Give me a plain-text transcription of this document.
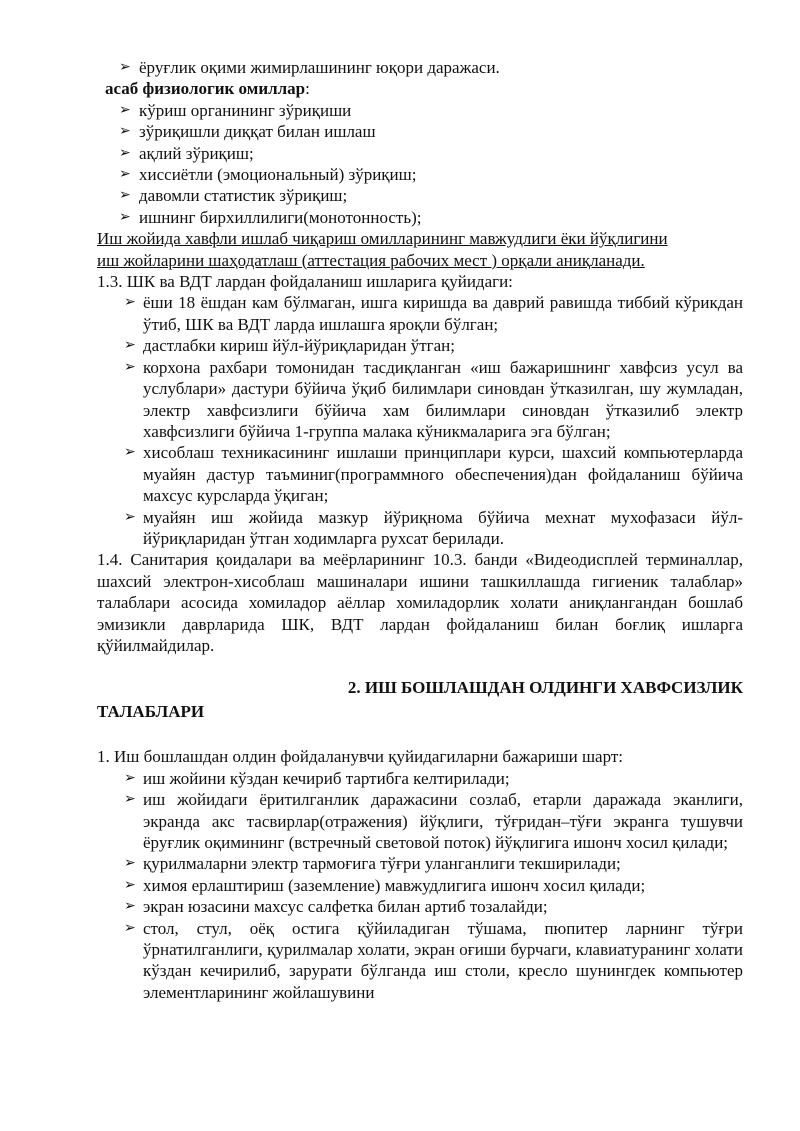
➢ ёруғлик оқими жимирлашининг юқори даражаси.
асаб физиологик омиллар:
➢ кўриш органининг зўриқиши
➢ зўриқишли диққат билан ишлаш
➢ ақлий зўриқиш;
➢ хиссиётли (эмоциональный) зўриқиш;
➢ давомли статистик зўриқиш;
➢ ишнинг бирхиллилиги(монотонность);
Иш жойида хавфли ишлаб чиқариш омилларининг мавжудлиги ёки йўқлигини
иш жойларини шаҳодатлаш (аттестация рабочих мест ) орқали аниқланади.
1.3. ШК ва ВДТ лардан фойдаланиш ишларига қуйидаги:
➢ ёши 18 ёшдан кам бўлмаган, ишга киришда ва даврий равишда тиббий кўрикдан ўтиб, ШК ва ВДТ ларда ишлашга яроқли бўлган;
➢ дастлабки кириш йўл-йўриқларидан ўтган;
➢ корхона рахбари томонидан тасдиқланган «иш бажаришнинг хавфсиз усул ва услублари» дастури бўйича ўқиб билимлари синовдан ўтказилган, шу жумладан, электр хавфсизлиги бўйича хам билимлари синовдан ўтказилиб электр хавфсизлиги бўйича 1-группа малака кўникмаларига эга бўлган;
➢ хисоблаш техникасининг ишлаши принциплари курси, шахсий компьютерларда муайян дастур таъминиг(программного обеспечения)дан фойдаланиш бўйича махсус курсларда ўқиган;
➢ муайян иш жойида мазкур йўриқнома бўйича мехнат мухофазаси йўл-йўриқларидан ўтган ходимларга рухсат берилади.
1.4. Санитария қоидалари ва меёрларининг 10.3. банди «Видеодисплей терминаллар, шахсий электрон-хисоблаш машиналари ишини ташкиллашда гигиеник талаблар» талаблари асосида хомиладор аёллар хомиладорлик холати аниқлангандан бошлаб эмизикли даврларида ШК, ВДТ лардан фойдаланиш билан боғлиқ ишларга қўйилмайдилар.
2. ИШ БОШЛАШДАН ОЛДИНГИ ХАВФСИЗЛИК
ТАЛАБЛАРИ
1. Иш бошлашдан олдин фойдаланувчи қуйидагиларни бажариши шарт:
➢ иш жойини кўздан кечириб тартибга келтирилади;
➢ иш жойидаги ёритилганлик даражасини созлаб, етарли даражада эканлиги, экранда акс тасвирлар(отражения) йўқлиги, тўғридан–тўғи экранга тушувчи ёруғлик оқимининг (встречный световой поток) йўқлигига ишонч хосил қилади;
➢ қурилмаларни электр тармоғига тўғри уланганлиги текширилади;
➢ химоя ерлаштириш (заземление) мавжудлигига ишонч хосил қилади;
➢ экран юзасини махсус салфетка билан артиб тозалайди;
➢ стол, стул, оёқ остига қўйиладиган тўшама, пюпитер ларнинг тўғри ўрнатилганлиги, қурилмалар холати, экран оғиши бурчаги, клавиатуранинг холати кўздан кечирилиб, зарурати бўлганда иш столи, кресло шунингдек компьютер элементларининг жойлашувини
